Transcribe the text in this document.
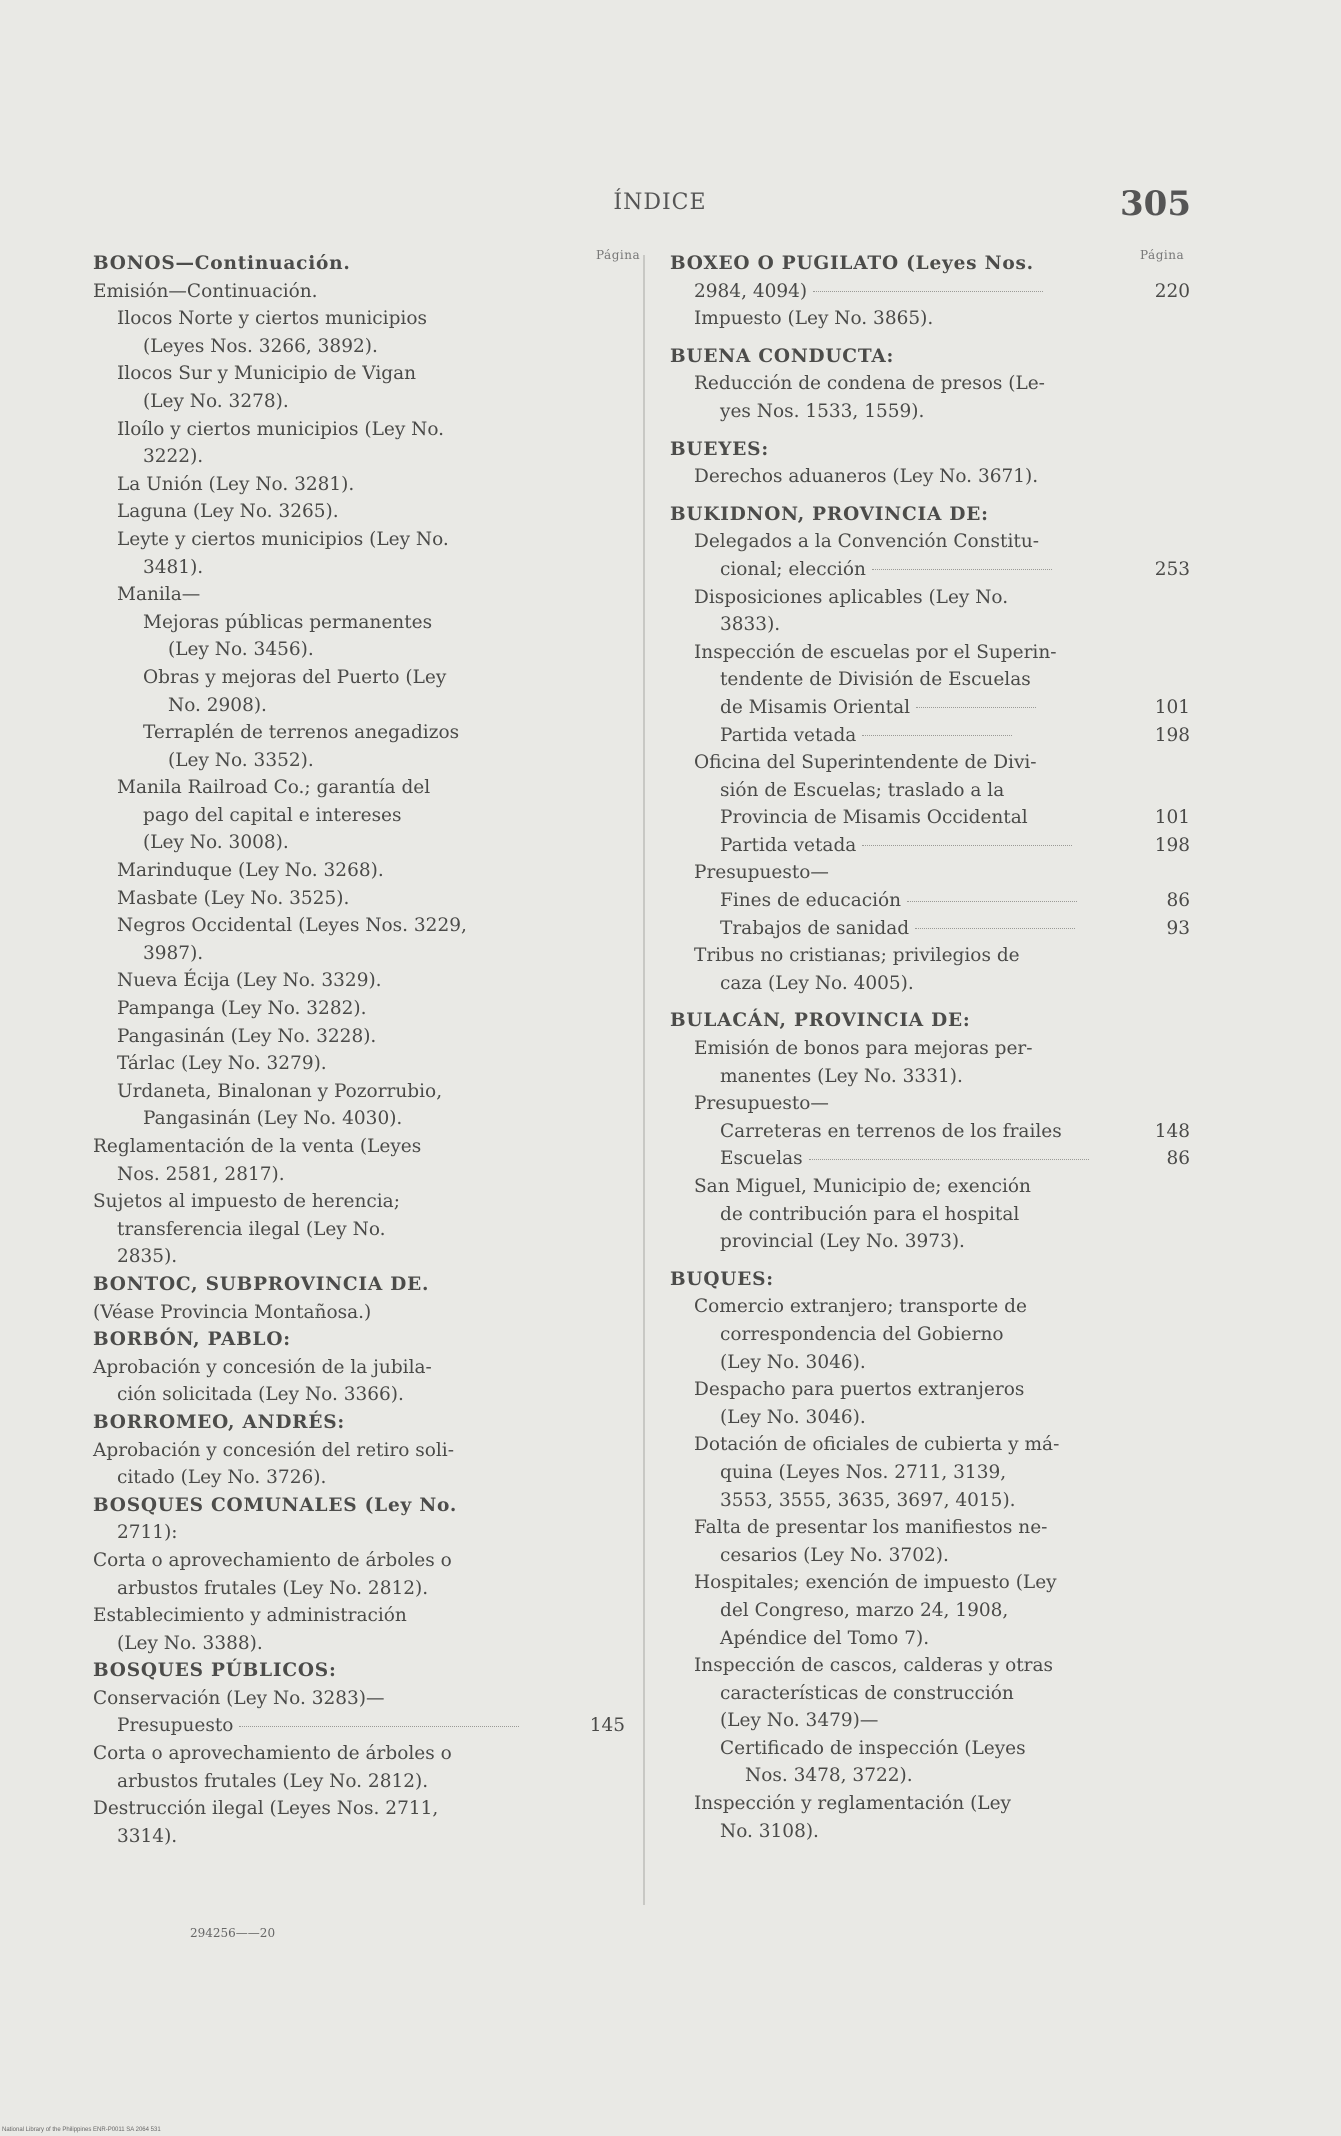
ÍNDICE	305
Página	Página
BONOS—Continuación.
Emisión—Continuación.
Ilocos Norte y ciertos municipios
(Leyes Nos. 3266, 3892).
Ilocos Sur y Municipio de Vigan
(Ley No. 3278).
Iloílo y ciertos municipios (Ley No.
3222).
La Unión (Ley No. 3281).
Laguna (Ley No. 3265).
Leyte y ciertos municipios (Ley No.
3481).
Manila—
Mejoras públicas permanentes
(Ley No. 3456).
Obras y mejoras del Puerto (Ley
No. 2908).
Terraplén de terrenos anegadizos
(Ley No. 3352).
Manila Railroad Co.; garantía del
pago del capital e intereses
(Ley No. 3008).
Marinduque (Ley No. 3268).
Masbate (Ley No. 3525).
Negros Occidental (Leyes Nos. 3229,
3987).
Nueva Écija (Ley No. 3329).
Pampanga (Ley No. 3282).
Pangasinán (Ley No. 3228).
Tárlac (Ley No. 3279).
Urdaneta, Binalonan y Pozorrubio,
Pangasinán (Ley No. 4030).
Reglamentación de la venta (Leyes
Nos. 2581, 2817).
Sujetos al impuesto de herencia;
transferencia ilegal (Ley No.
2835).
BONTOC, SUBPROVINCIA DE.
(Véase Provincia Montañosa.)
BORBÓN, PABLO:
Aprobación y concesión de la jubila-
ción solicitada (Ley No. 3366).
BORROMEO, ANDRÉS:
Aprobación y concesión del retiro soli-
citado (Ley No. 3726).
BOSQUES COMUNALES (Ley No.
2711):
Corta o aprovechamiento de árboles o
arbustos frutales (Ley No. 2812).
Establecimiento y administración
(Ley No. 3388).
BOSQUES PÚBLICOS:
Conservación (Ley No. 3283)—
Presupuesto	145
Corta o aprovechamiento de árboles o
arbustos frutales (Ley No. 2812).
Destrucción ilegal (Leyes Nos. 2711,
3314).
BOXEO O PUGILATO (Leyes Nos.
2984, 4094)	220
Impuesto (Ley No. 3865).
BUENA CONDUCTA:
Reducción de condena de presos (Le-
yes Nos. 1533, 1559).
BUEYES:
Derechos aduaneros (Ley No. 3671).
BUKIDNON, PROVINCIA DE:
Delegados a la Convención Constitu-
cional; elección	253
Disposiciones aplicables (Ley No.
3833).
Inspección de escuelas por el Superin-
tendente de División de Escuelas
de Misamis Oriental	101
Partida vetada	198
Oficina del Superintendente de Divi-
sión de Escuelas; traslado a la
Provincia de Misamis Occidental	101
Partida vetada	198
Presupuesto—
Fines de educación	86
Trabajos de sanidad	93
Tribus no cristianas; privilegios de
caza (Ley No. 4005).
BULACÁN, PROVINCIA DE:
Emisión de bonos para mejoras per-
manentes (Ley No. 3331).
Presupuesto—
Carreteras en terrenos de los frailes	148
Escuelas	86
San Miguel, Municipio de; exención
de contribución para el hospital
provincial (Ley No. 3973).
BUQUES:
Comercio extranjero; transporte de
correspondencia del Gobierno
(Ley No. 3046).
Despacho para puertos extranjeros
(Ley No. 3046).
Dotación de oficiales de cubierta y má-
quina (Leyes Nos. 2711, 3139,
3553, 3555, 3635, 3697, 4015).
Falta de presentar los manifiestos ne-
cesarios (Ley No. 3702).
Hospitales; exención de impuesto (Ley
del Congreso, marzo 24, 1908,
Apéndice del Tomo 7).
Inspección de cascos, calderas y otras
características de construcción
(Ley No. 3479)—
Certificado de inspección (Leyes
Nos. 3478, 3722).
Inspección y reglamentación (Ley
No. 3108).
294256——20
National Library of the Philippines ENR-P0011 SA 2064 531
